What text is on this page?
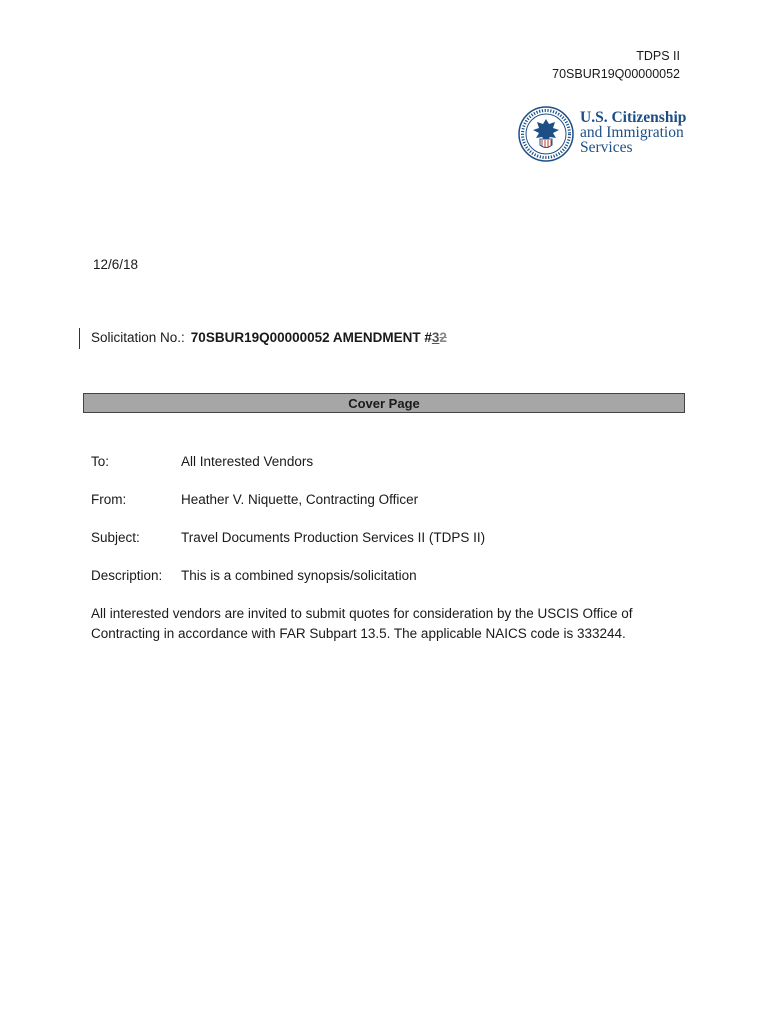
TDPS II
70SBUR19Q00000052
U.S. Citizenship
and Immigration
Services
12/6/18
Solicitation No.: 70SBUR19Q00000052 AMENDMENT #32
Cover Page
To:	All Interested Vendors
From:	Heather V. Niquette, Contracting Officer
Subject:	Travel Documents Production Services II (TDPS II)
Description: This is a combined synopsis/solicitation
All interested vendors are invited to submit quotes for consideration by the USCIS Office of Contracting in accordance with FAR Subpart 13.5. The applicable NAICS code is 333244.
